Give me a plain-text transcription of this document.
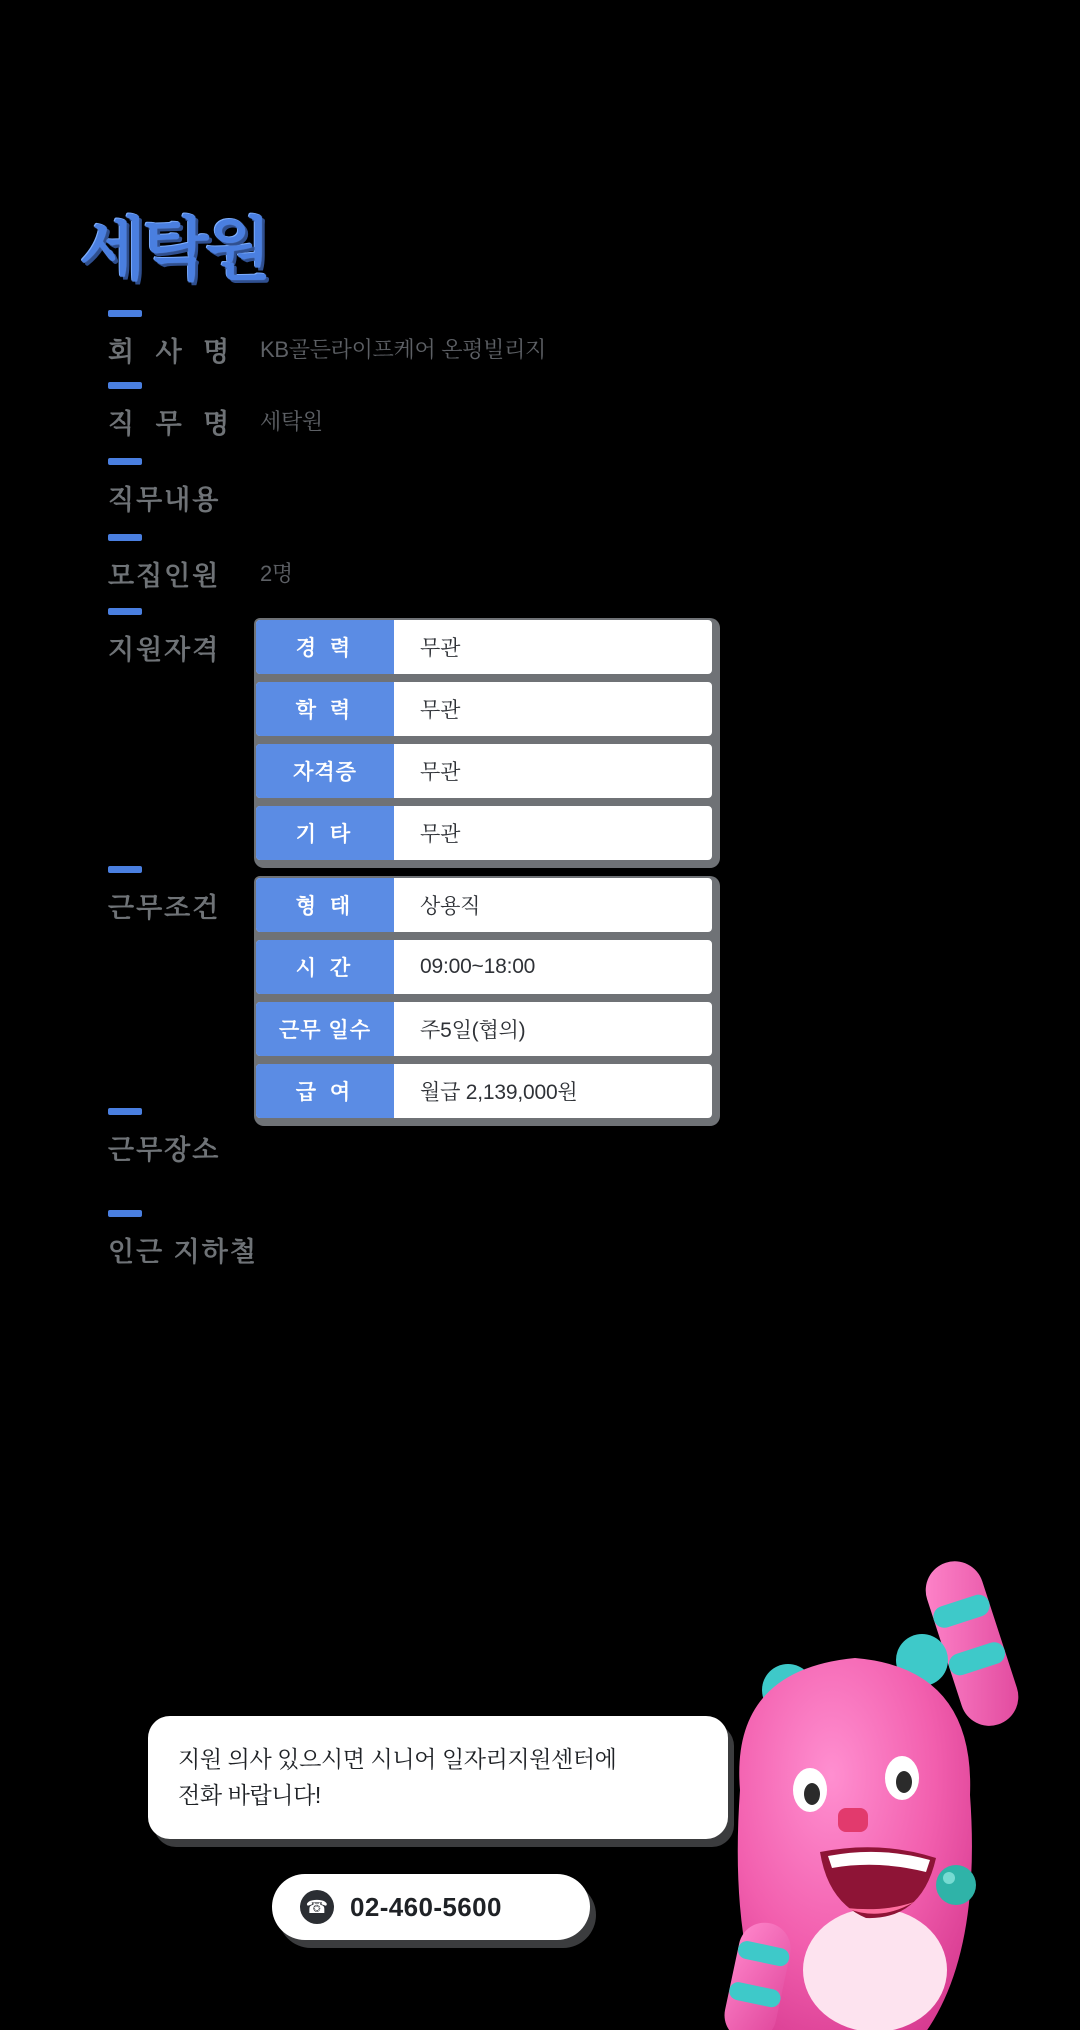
세탁원
회 사 명 KB골든라이프케어 온평빌리지
직 무 명 세탁원
직무내용
모집인원 2명
지원자격	경 력	무관
학 력	무관
자격증	무관
기 타	무관
근무조건	형 태	상용직
시 간	09:00~18:00
근무 일수	주5일(협의)
급 여	월급 2,139,000원
근무장소
인근 지하철
지원 의사 있으시면 시니어 일자리지원센터에
전화 바랍니다!
☎ 02-460-5600
